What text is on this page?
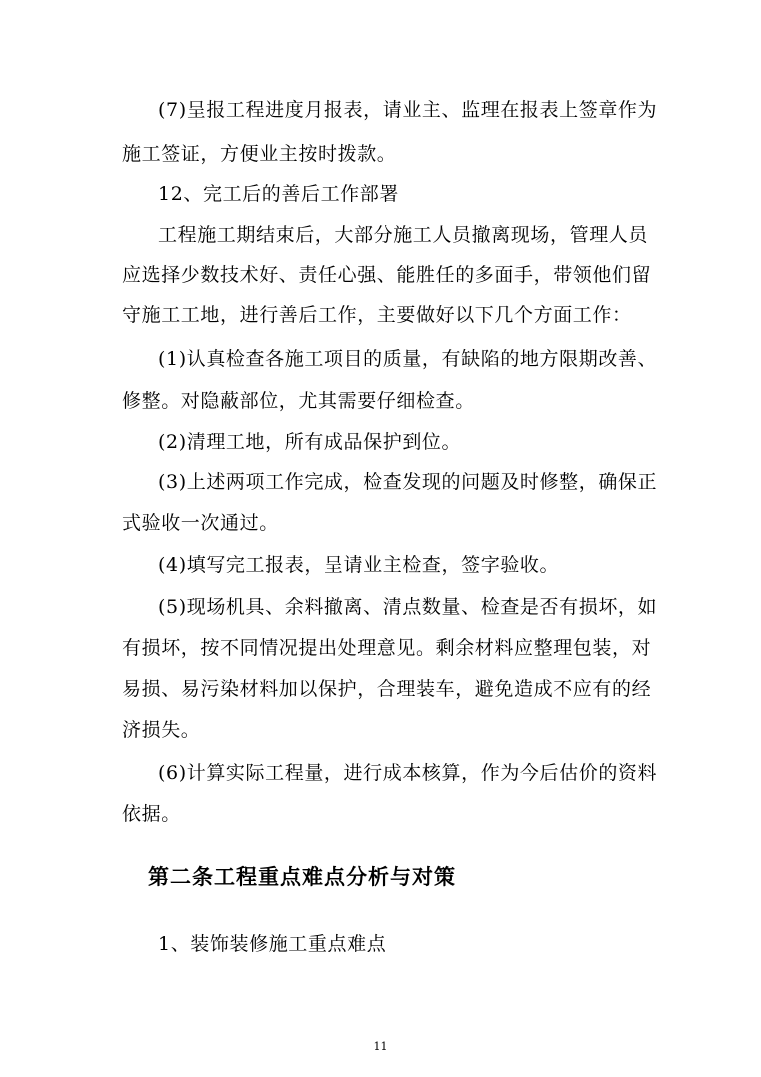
(7)呈报工程进度月报表，请业主、监理在报表上签章作为
施工签证，方便业主按时拨款。
12、完工后的善后工作部署
工程施工期结束后，大部分施工人员撤离现场，管理人员
应选择少数技术好、责任心强、能胜任的多面手，带领他们留
守施工工地，进行善后工作，主要做好以下几个方面工作：
(1)认真检查各施工项目的质量，有缺陷的地方限期改善、
修整。对隐蔽部位，尤其需要仔细检查。
(2)清理工地，所有成品保护到位。
(3)上述两项工作完成，检查发现的问题及时修整，确保正
式验收一次通过。
(4)填写完工报表，呈请业主检查，签字验收。
(5)现场机具、余料撤离、清点数量、检查是否有损坏，如
有损坏，按不同情况提出处理意见。剩余材料应整理包装，对
易损、易污染材料加以保护，合理装车，避免造成不应有的经
济损失。
(6)计算实际工程量，进行成本核算，作为今后估价的资料
依据。
第二条工程重点难点分析与对策
1、装饰装修施工重点难点
11
